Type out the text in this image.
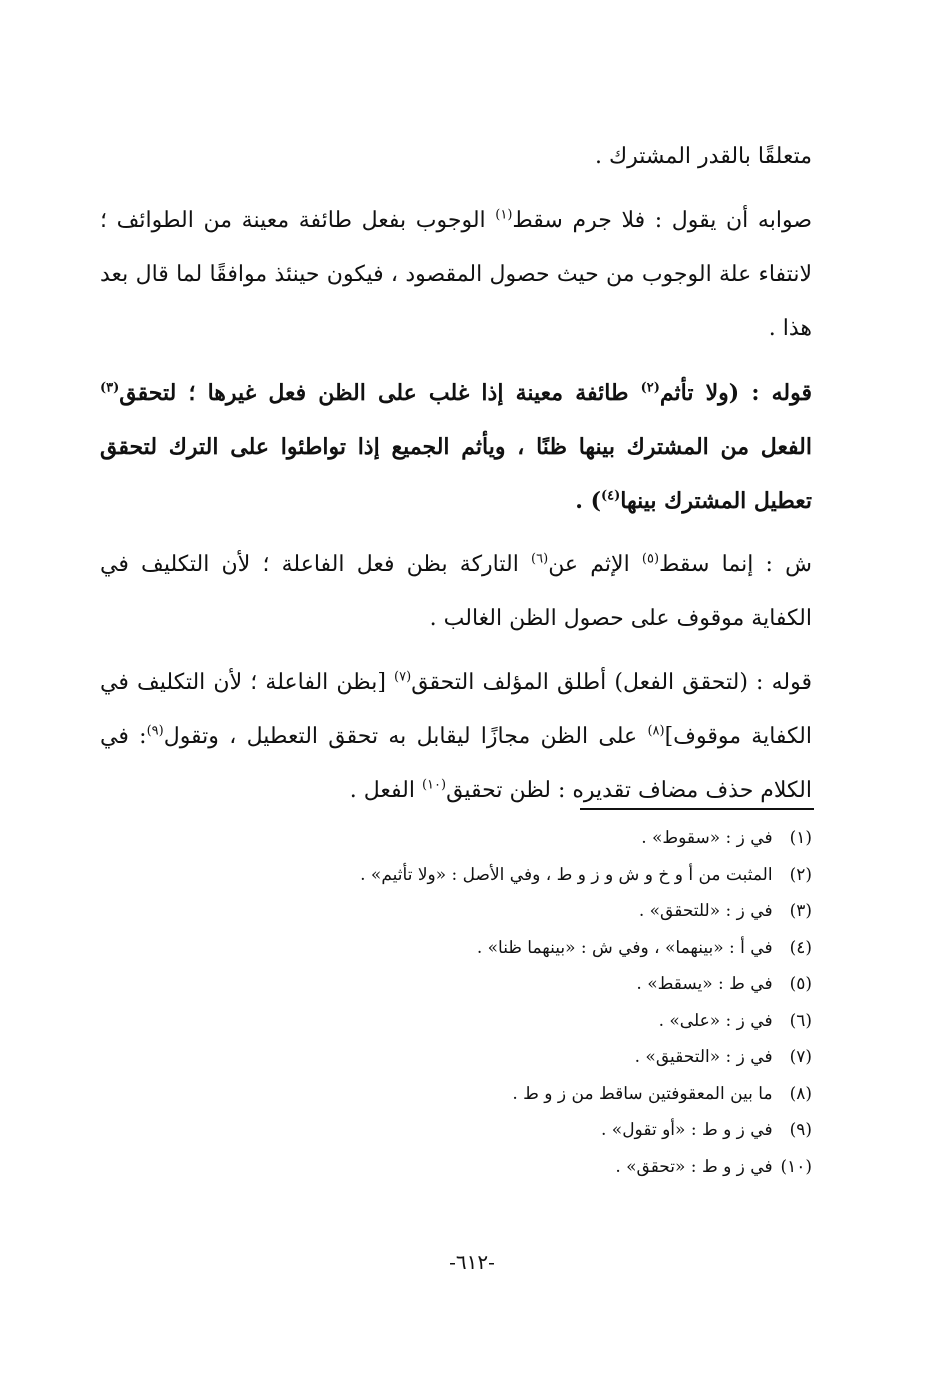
متعلقًا بالقدر المشترك .

صوابه أن يقول : فلا جرم سقط$^{(١)}$ الوجوب بفعل طائفة معينة من الطوائف ؛ لانتفاء علة الوجوب من حيث حصول المقصود ، فيكون حينئذ موافقًا لما قال بعد هذا .

قوله : (ولا تأثم$^{(٢)}$ طائفة معينة إذا غلب على الظن فعل غيرها ؛ لتحقق$^{(٣)}$ الفعل من المشترك بينها ظنًا ، ويأثم الجميع إذا تواطئوا على الترك لتحقق تعطيل المشترك بينها$^{(٤)}$) .

ش : إنما سقط$^{(٥)}$ الإثم عن$^{(٦)}$ التاركة بظن فعل الفاعلة ؛ لأن التكليف في الكفاية موقوف على حصول الظن الغالب .

قوله : (لتحقق الفعل) أطلق المؤلف التحقق$^{(٧)}$ [بظن الفاعلة ؛ لأن التكليف في الكفاية موقوف]$^{(٨)}$ على الظن مجازًا ليقابل به تحقق التعطيل ، وتقول$^{(٩)}$: في الكلام حذف مضاف تقديره : لظن تحقيق$^{(١٠)}$ الفعل .

(١) في ز : «سقوط» .
(٢) المثبت من أ و خ و ش و ز و ط ، وفي الأصل : «ولا تأثيم» .
(٣) في ز : «للتحقق» .
(٤) في أ : «بينهما» ، وفي ش : «بينهما ظنا» .
(٥) في ط : «يسقط» .
(٦) في ز : «على» .
(٧) في ز : «التحقيق» .
(٨) ما بين المعقوفتين ساقط من ز و ط .
(٩) في ز و ط : «أو تقول» .
(١٠) في ز و ط : «تحقق» .
-٦١٢-
